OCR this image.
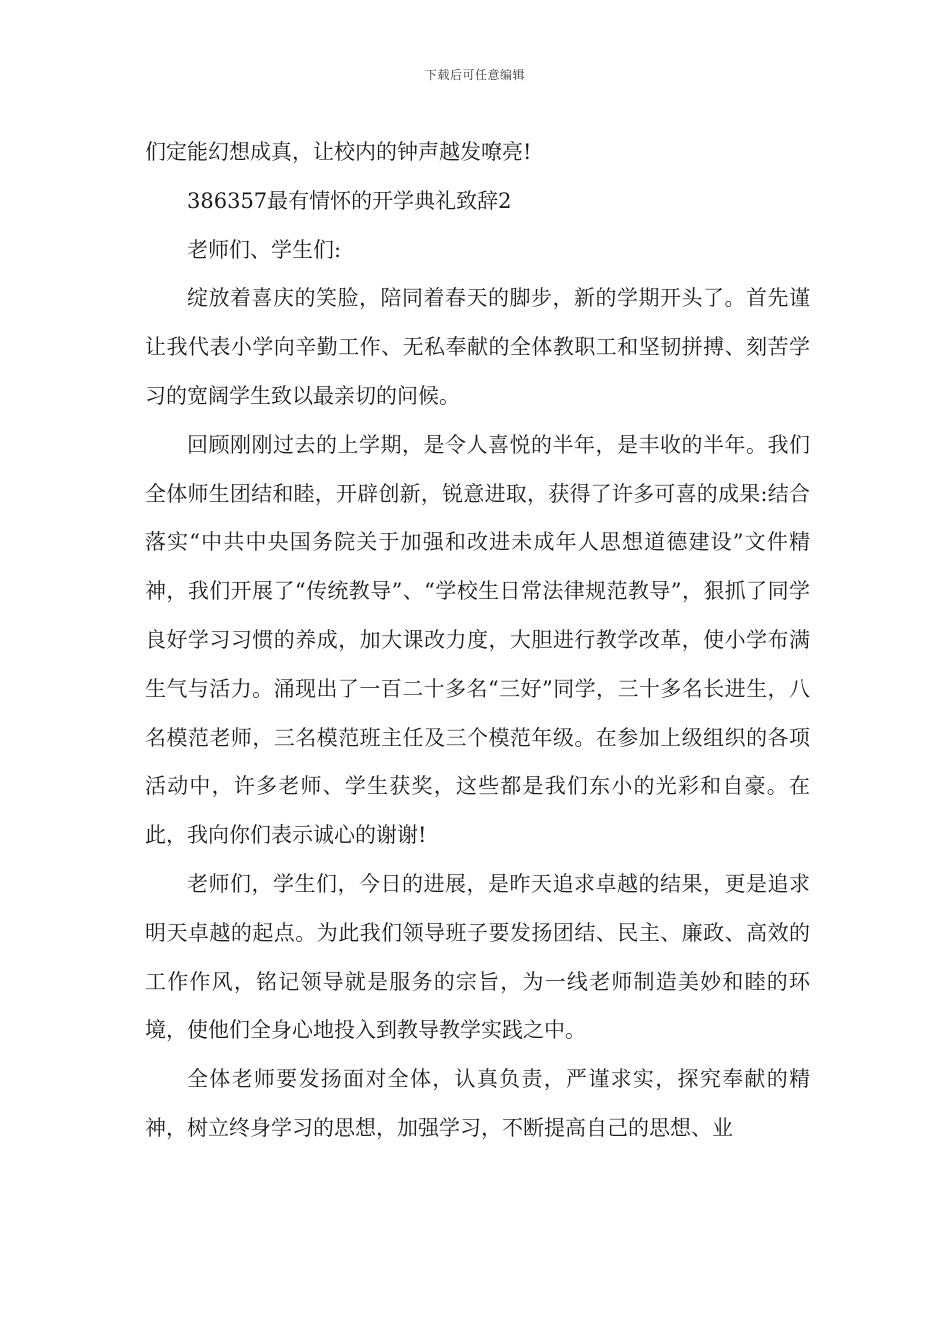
下载后可任意编辑

们定能幻想成真，让校内的钟声越发嘹亮!

386357最有情怀的开学典礼致辞2

老师们、学生们:

绽放着喜庆的笑脸，陪同着春天的脚步，新的学期开头了。首先谨让我代表小学向辛勤工作、无私奉献的全体教职工和坚韧拼搏、刻苦学习的宽阔学生致以最亲切的问候。

回顾刚刚过去的上学期，是令人喜悦的半年，是丰收的半年。我们全体师生团结和睦，开辟创新，锐意进取，获得了许多可喜的成果:结合落实“中共中央国务院关于加强和改进未成年人思想道德建设”文件精神，我们开展了“传统教导”、“学校生日常法律规范教导”，狠抓了同学良好学习习惯的养成，加大课改力度，大胆进行教学改革，使小学布满生气与活力。涌现出了一百二十多名“三好”同学，三十多名长进生，八名模范老师，三名模范班主任及三个模范年级。在参加上级组织的各项活动中，许多老师、学生获奖，这些都是我们东小的光彩和自豪。在此，我向你们表示诚心的谢谢!

老师们，学生们，今日的进展，是昨天追求卓越的结果，更是追求明天卓越的起点。为此我们领导班子要发扬团结、民主、廉政、高效的工作作风，铭记领导就是服务的宗旨，为一线老师制造美妙和睦的环境，使他们全身心地投入到教导教学实践之中。

全体老师要发扬面对全体，认真负责，严谨求实，探究奉献的精神，树立终身学习的思想，加强学习，不断提高自己的思想、业
